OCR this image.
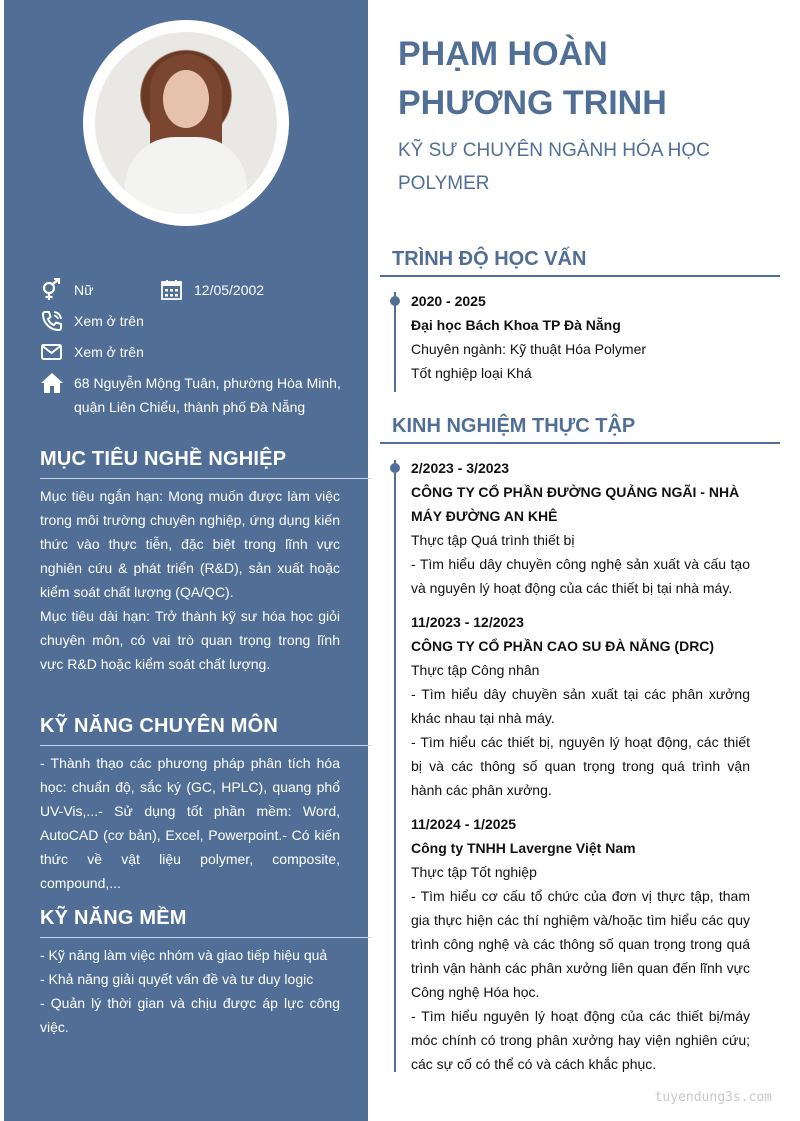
Nữ	12/05/2002
Xem ở trên
Xem ở trên
68 Nguyễn Mộng Tuân, phường Hòa Minh,
quận Liên Chiểu, thành phố Đà Nẵng
MỤC TIÊU NGHỀ NGHIỆP

Mục tiêu ngắn hạn: Mong muốn được làm việc trong môi trường chuyên nghiệp, ứng dụng kiến thức vào thực tiễn, đặc biệt trong lĩnh vực nghiên cứu & phát triển (R&D), sản xuất hoặc kiểm soát chất lượng (QA/QC).

Mục tiêu dài hạn: Trở thành kỹ sư hóa học giỏi chuyên môn, có vai trò quan trọng trong lĩnh vực R&D hoặc kiểm soát chất lượng.

KỸ NĂNG CHUYÊN MÔN
- Thành thạo các phương pháp phân tích hóa học: chuẩn độ, sắc ký (GC, HPLC), quang phổ UV-Vis,...- Sử dụng tốt phần mềm: Word, AutoCAD (cơ bản), Excel, Powerpoint.- Có kiến thức về vật liệu polymer, composite, compound,...
KỸ NĂNG MỀM

- Kỹ năng làm việc nhóm và giao tiếp hiệu quả

- Khả năng giải quyết vấn đề và tư duy logic

- Quản lý thời gian và chịu được áp lực công việc.

PHẠM HOÀN
PHƯƠNG TRINH
KỸ SƯ CHUYÊN NGÀNH HÓA HỌC POLYMER
TRÌNH ĐỘ HỌC VẤN
2020 - 2025
Đại học Bách Khoa TP Đà Nẵng
Chuyên ngành: Kỹ thuật Hóa Polymer
Tốt nghiệp loại Khá
KINH NGHIỆM THỰC TẬP
2/2023 - 3/2023
CÔNG TY CỔ PHẦN ĐƯỜNG QUẢNG NGÃI - NHÀ MÁY ĐƯỜNG AN KHÊ
Thực tập Quá trình thiết bị
- Tìm hiểu dây chuyền công nghệ sản xuất và cấu tạo và nguyên lý hoạt động của các thiết bị tại nhà máy.
11/2023 - 12/2023
CÔNG TY CỔ PHẦN CAO SU ĐÀ NẴNG (DRC)
Thực tập Công nhân
- Tìm hiểu dây chuyền sản xuất tại các phân xưởng khác nhau tại nhà máy.
- Tìm hiểu các thiết bị, nguyên lý hoạt động, các thiết bị và các thông số quan trọng trong quá trình vận hành các phân xưởng.
11/2024 - 1/2025
Công ty TNHH Lavergne Việt Nam
Thực tập Tốt nghiệp
- Tìm hiểu cơ cấu tổ chức của đơn vị thực tập, tham gia thực hiện các thí nghiệm và/hoặc tìm hiểu các quy trình công nghệ và các thông số quan trọng trong quá trình vận hành các phân xưởng liên quan đến lĩnh vực Công nghệ Hóa học.
- Tìm hiểu nguyên lý hoạt động của các thiết bị/máy móc chính có trong phân xưởng hay viện nghiên cứu; các sự cố có thể có và cách khắc phục.
tuyendung3s.com
